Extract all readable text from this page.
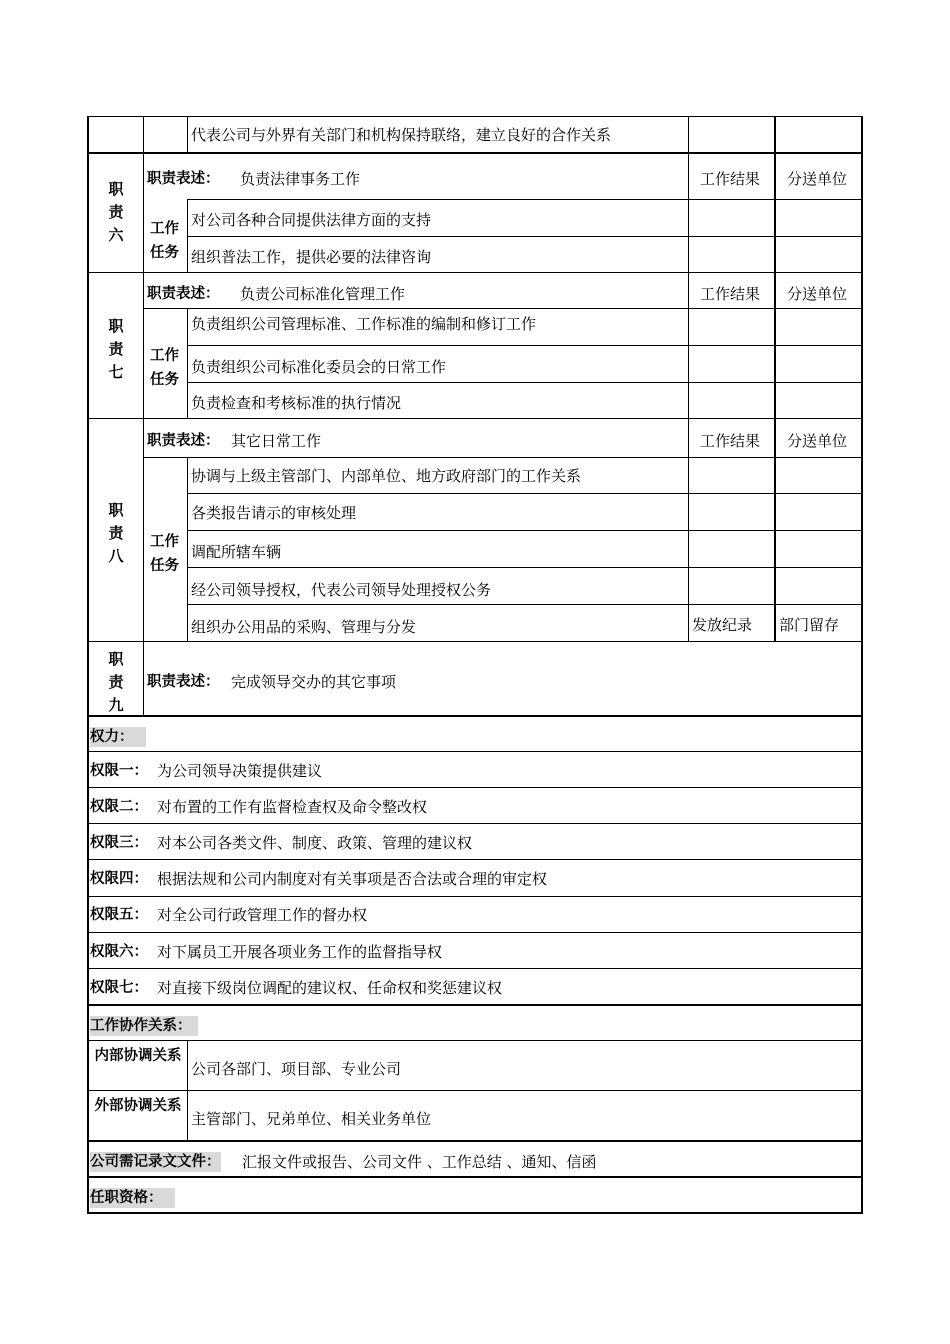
代表公司与外界有关部门和机构保持联络，建立良好的合作关系
职
责
六
职责表述： 负责法律事务工作	工作结果 分送单位
工作任务
对公司各种合同提供法律方面的支持
组织普法工作，提供必要的法律咨询
职
责
七
职责表述： 负责公司标准化管理工作	工作结果 分送单位
工作任务
负责组织公司管理标准、工作标准的编制和修订工作
负责组织公司标准化委员会的日常工作
负责检查和考核标准的执行情况
职
责
八
职责表述： 其它日常工作	工作结果 分送单位
工作任务
协调与上级主管部门、内部单位、地方政府部门的工作关系
各类报告请示的审核处理
调配所辖车辆
经公司领导授权，代表公司领导处理授权公务
组织办公用品的采购、管理与分发	发放纪录 部门留存
职
责
九
职责表述： 完成领导交办的其它事项
权力：
权限一： 为公司领导决策提供建议
权限二： 对布置的工作有监督检查权及命令整改权
权限三： 对本公司各类文件、制度、政策、管理的建议权
权限四： 根据法规和公司内制度对有关事项是否合法或合理的审定权
权限五： 对全公司行政管理工作的督办权
权限六： 对下属员工开展各项业务工作的监督指导权
权限七： 对直接下级岗位调配的建议权、任命权和奖惩建议权
工作协作关系：
内部协调关系
公司各部门、项目部、专业公司
外部协调关系
主管部门、兄弟单位、相关业务单位
公司需记录文文件： 汇报文件或报告、公司文件 、工作总结 、通知、信函
任职资格：
